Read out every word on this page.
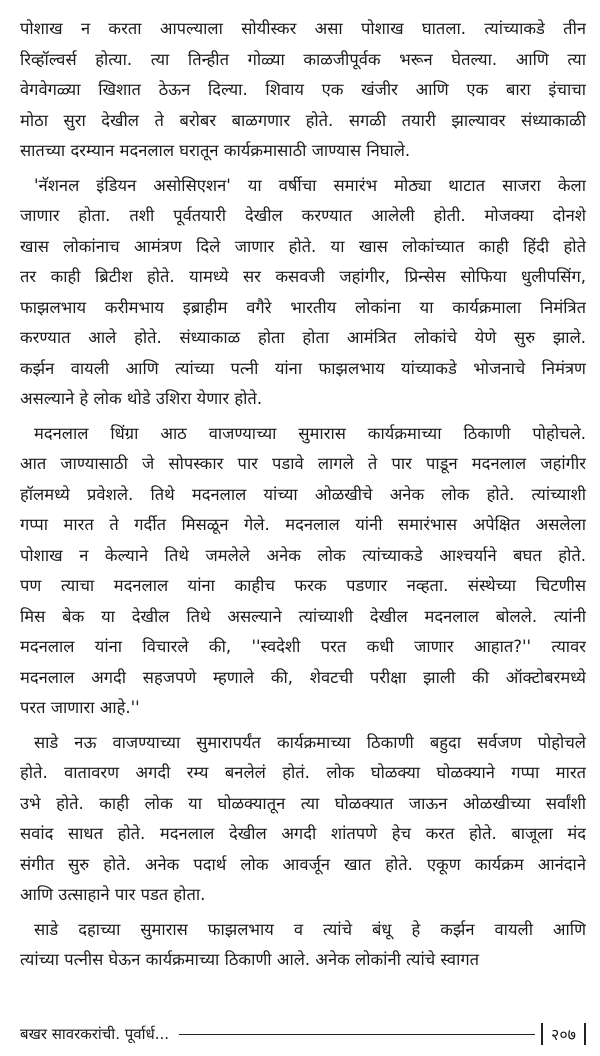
पोशाख न करता आपल्याला सोयीस्कर असा पोशाख घातला. त्यांच्याकडे तीन
रिव्हॉल्वर्स होत्या. त्या तिन्हीत गोळ्या काळजीपूर्वक भरून घेतल्या. आणि त्या
वेगवेगळ्या खिशात ठेऊन दिल्या. शिवाय एक खंजीर आणि एक बारा इंचाचा
मोठा सुरा देखील ते बरोबर बाळगणार होते. सगळी तयारी झाल्यावर संध्याकाळी
सातच्या दरम्यान मदनलाल घरातून कार्यक्रमासाठी जाण्यास निघाले.
'नॅशनल इंडियन असोसिएशन' या वर्षीचा समारंभ मोठ्या थाटात साजरा केला
जाणार होता. तशी पूर्वतयारी देखील करण्यात आलेली होती. मोजक्या दोनशे
खास लोकांनाच आमंत्रण दिले जाणार होते. या खास लोकांच्यात काही हिंदी होते
तर काही ब्रिटीश होते. यामध्ये सर कसवजी जहांगीर, प्रिन्सेस सोफिया धुलीपसिंग,
फाझलभाय करीमभाय इब्राहीम वगैरे भारतीय लोकांना या कार्यक्रमाला निमंत्रित
करण्यात आले होते. संध्याकाळ होता होता आमंत्रित लोकांचे येणे सुरु झाले.
कर्झन वायली आणि त्यांच्या पत्नी यांना फाझलभाय यांच्याकडे भोजनाचे निमंत्रण
असल्याने हे लोक थोडे उशिरा येणार होते.
मदनलाल धिंग्रा आठ वाजण्याच्या सुमारास कार्यक्रमाच्या ठिकाणी पोहोचले.
आत जाण्यासाठी जे सोपस्कार पार पडावे लागले ते पार पाडून मदनलाल जहांगीर
हॉलमध्ये प्रवेशले. तिथे मदनलाल यांच्या ओळखीचे अनेक लोक होते. त्यांच्याशी
गप्पा मारत ते गर्दीत मिसळून गेले. मदनलाल यांनी समारंभास अपेक्षित असलेला
पोशाख न केल्याने तिथे जमलेले अनेक लोक त्यांच्याकडे आश्चर्याने बघत होते.
पण त्याचा मदनलाल यांना काहीच फरक पडणार नव्हता. संस्थेच्या चिटणीस
मिस बेक या देखील तिथे असल्याने त्यांच्याशी देखील मदनलाल बोलले. त्यांनी
मदनलाल यांना विचारले की, ''स्वदेशी परत कधी जाणार आहात?'' त्यावर
मदनलाल अगदी सहजपणे म्हणाले की, शेवटची परीक्षा झाली की ऑक्टोबरमध्ये
परत जाणारा आहे.''
साडे नऊ वाजण्याच्या सुमारापर्यंत कार्यक्रमाच्या ठिकाणी बहुदा सर्वजण पोहोचले
होते. वातावरण अगदी रम्य बनलेलं होतं. लोक घोळक्या घोळक्याने गप्पा मारत
उभे होते. काही लोक या घोळक्यातून त्या घोळक्यात जाऊन ओळखीच्या सर्वांशी
सवांद साधत होते. मदनलाल देखील अगदी शांतपणे हेच करत होते. बाजूला मंद
संगीत सुरु होते. अनेक पदार्थ लोक आवर्जून खात होते. एकूण कार्यक्रम आनंदाने
आणि उत्साहाने पार पडत होता.
साडे दहाच्या सुमारास फाझलभाय व त्यांचे बंधू हे कर्झन वायली आणि
त्यांच्या पत्नीस घेऊन कार्यक्रमाच्या ठिकाणी आले. अनेक लोकांनी त्यांचे स्वागत
बखर सावरकरांची. पूर्वार्ध...	२०७
